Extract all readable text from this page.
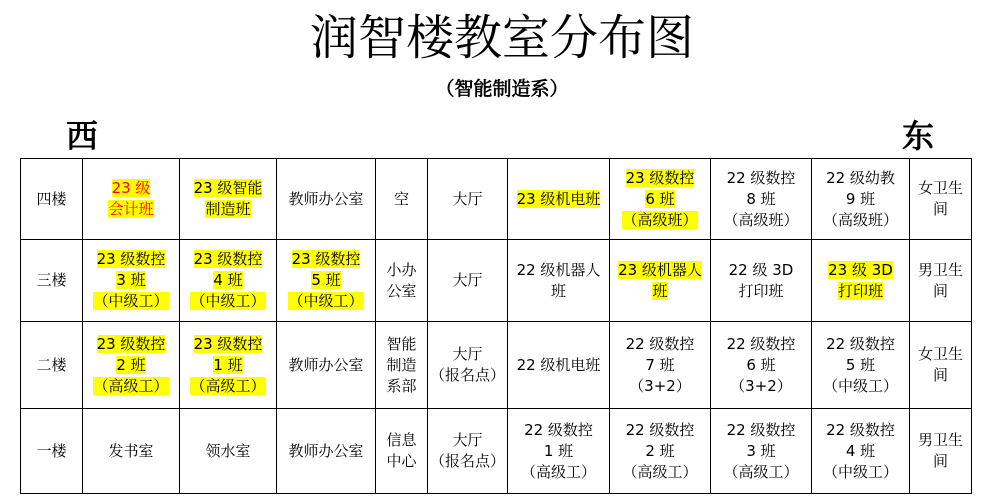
润智楼教室分布图
（智能制造系）
西	东
四楼	23 级
会计班	23 级智能
制造班	教师办公室	空	大厅	23 级机电班	23 级数控
6 班
（高级班）	22 级数控
8 班
（高级班）	22 级幼教
9 班
（高级班）	女卫生间
三楼	23 级数控
3 班
（中级工）	23 级数控
4 班
（中级工）	23 级数控
5 班
（中级工）	小办
公室	大厅	22 级机器人
班	23 级机器人
班	22 级 3D
打印班	23 级 3D
打印班	男卫生间
二楼	23 级数控
2 班
（高级工）	23 级数控
1 班
（高级工）	教师办公室	智能
制造
系部	大厅
（报名点）	22 级机电班	22 级数控
7 班
（3+2）	22 级数控
6 班
（3+2）	22 级数控
5 班
（中级工）	女卫生间
一楼	发书室	领水室	教师办公室	信息
中心	大厅
（报名点）	22 级数控
1 班
（高级工）	22 级数控
2 班
（高级工）	22 级数控
3 班
（高级工）	22 级数控
4 班
（中级工）	男卫生间
